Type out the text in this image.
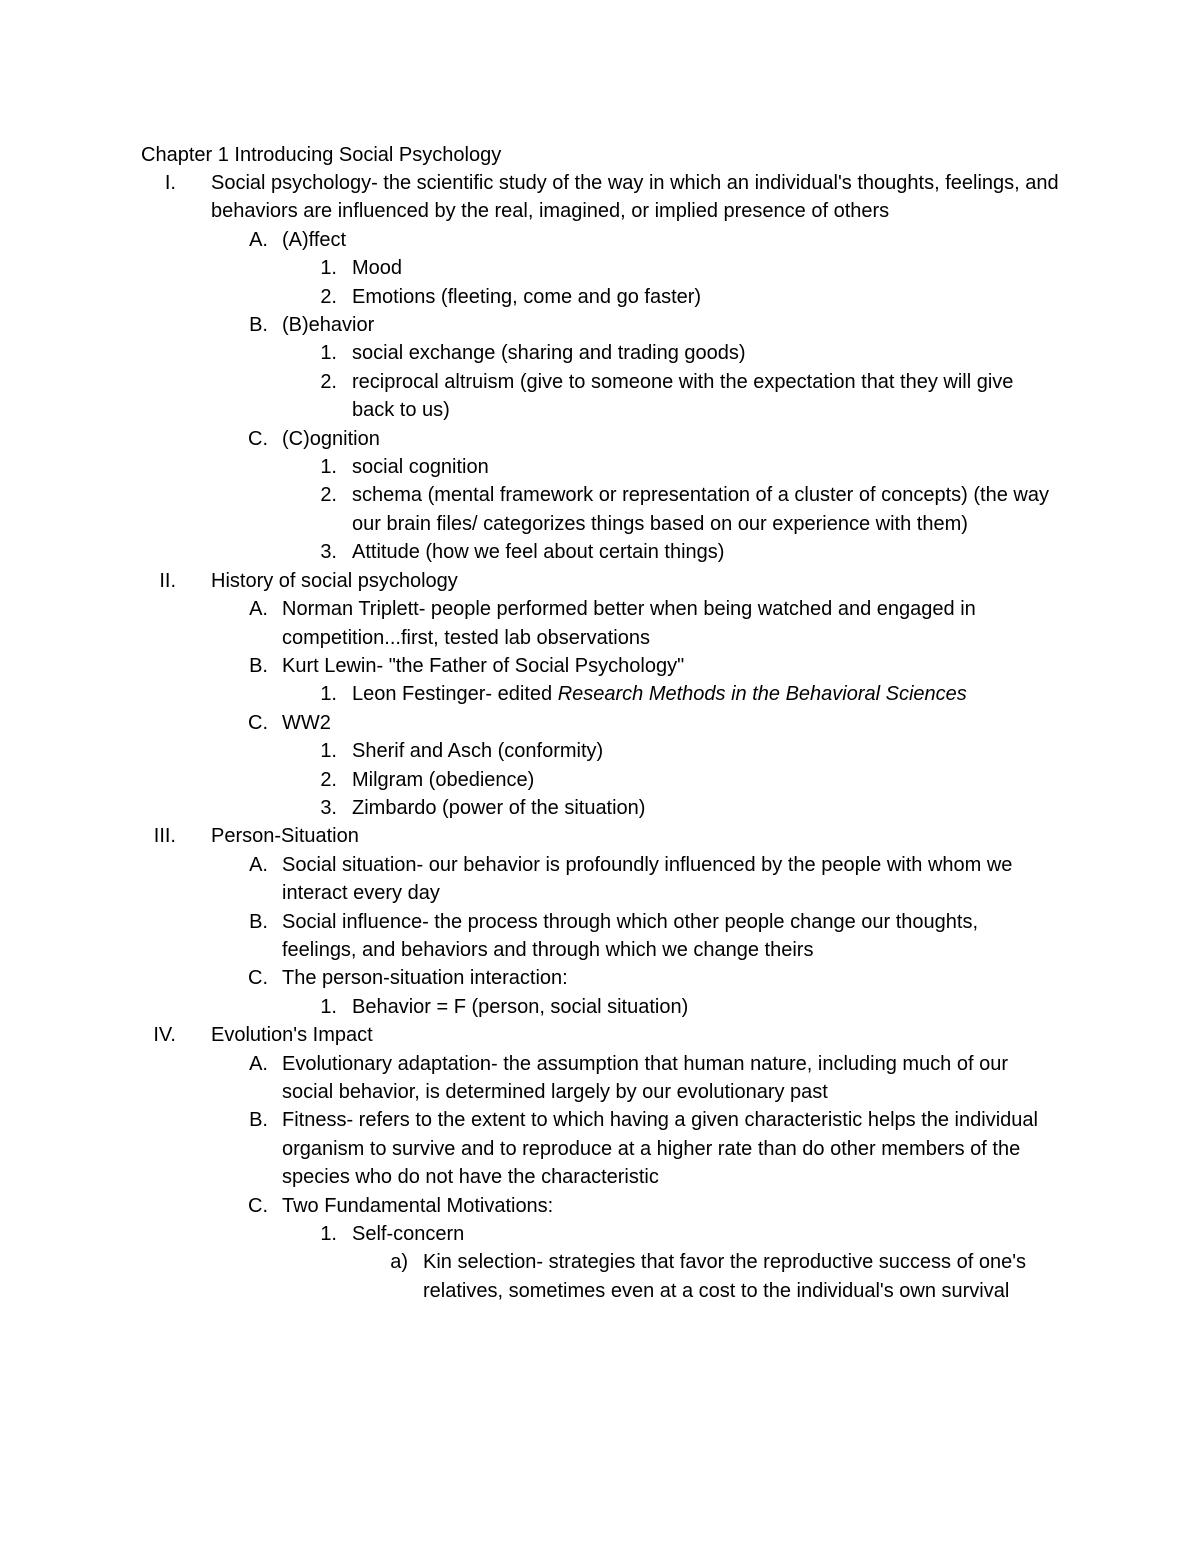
Chapter 1 Introducing Social Psychology
I. Social psychology- the scientific study of the way in which an individual's thoughts, feelings, and behaviors are influenced by the real, imagined, or implied presence of others
A. (A)ffect
1. Mood
2. Emotions (fleeting, come and go faster)
B. (B)ehavior
1. social exchange (sharing and trading goods)
2. reciprocal altruism (give to someone with the expectation that they will give back to us)
C. (C)ognition
1. social cognition
2. schema (mental framework or representation of a cluster of concepts) (the way our brain files/ categorizes things based on our experience with them)
3. Attitude (how we feel about certain things)
II. History of social psychology
A. Norman Triplett- people performed better when being watched and engaged in competition...first, tested lab observations
B. Kurt Lewin- "the Father of Social Psychology"
1. Leon Festinger- edited Research Methods in the Behavioral Sciences
C. WW2
1. Sherif and Asch (conformity)
2. Milgram (obedience)
3. Zimbardo (power of the situation)
III. Person-Situation
A. Social situation- our behavior is profoundly influenced by the people with whom we interact every day
B. Social influence- the process through which other people change our thoughts, feelings, and behaviors and through which we change theirs
C. The person-situation interaction:
1. Behavior = F (person, social situation)
IV. Evolution's Impact
A. Evolutionary adaptation- the assumption that human nature, including much of our social behavior, is determined largely by our evolutionary past
B. Fitness- refers to the extent to which having a given characteristic helps the individual organism to survive and to reproduce at a higher rate than do other members of the species who do not have the characteristic
C. Two Fundamental Motivations:
1. Self-concern
a) Kin selection- strategies that favor the reproductive success of one's relatives, sometimes even at a cost to the individual's own survival
